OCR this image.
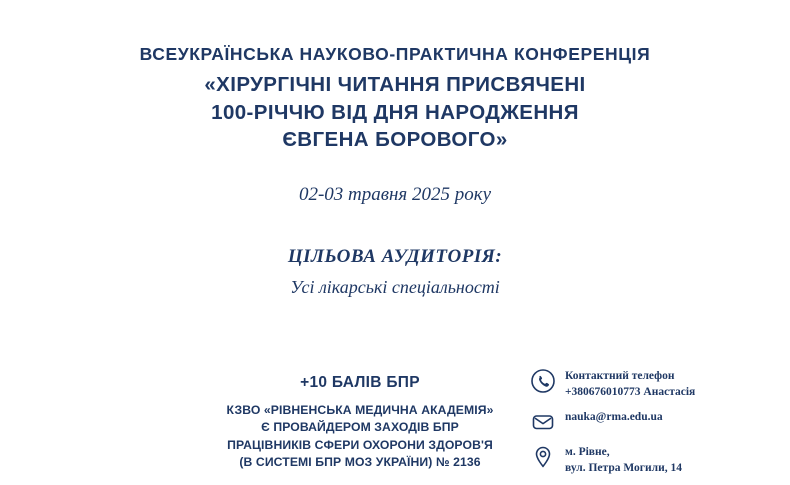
ВСЕУКРАЇНСЬКА НАУКОВО-ПРАКТИЧНА КОНФЕРЕНЦІЯ
«ХІРУРГІЧНІ ЧИТАННЯ ПРИСВЯЧЕНІ
100-РІЧЧЮ ВІД ДНЯ НАРОДЖЕННЯ
ЄВГЕНА БОРОВОГО»
02-03 травня 2025 року
ЦІЛЬОВА АУДИТОРІЯ:
Усі лікарські спеціальності
+10 БАЛІВ БПР
КЗВО «РІВНЕНСЬКА МЕДИЧНА АКАДЕМІЯ»
Є ПРОВАЙДЕРОМ ЗАХОДІВ БПР
ПРАЦІВНИКІВ СФЕРИ ОХОРОНИ ЗДОРОВ'Я
(В СИСТЕМІ БПР МОЗ УКРАЇНИ) № 2136
Контактний телефон
+380676010773 Анастасія
nauka@rma.edu.ua
м. Рівне,
вул. Петра Могили, 14
